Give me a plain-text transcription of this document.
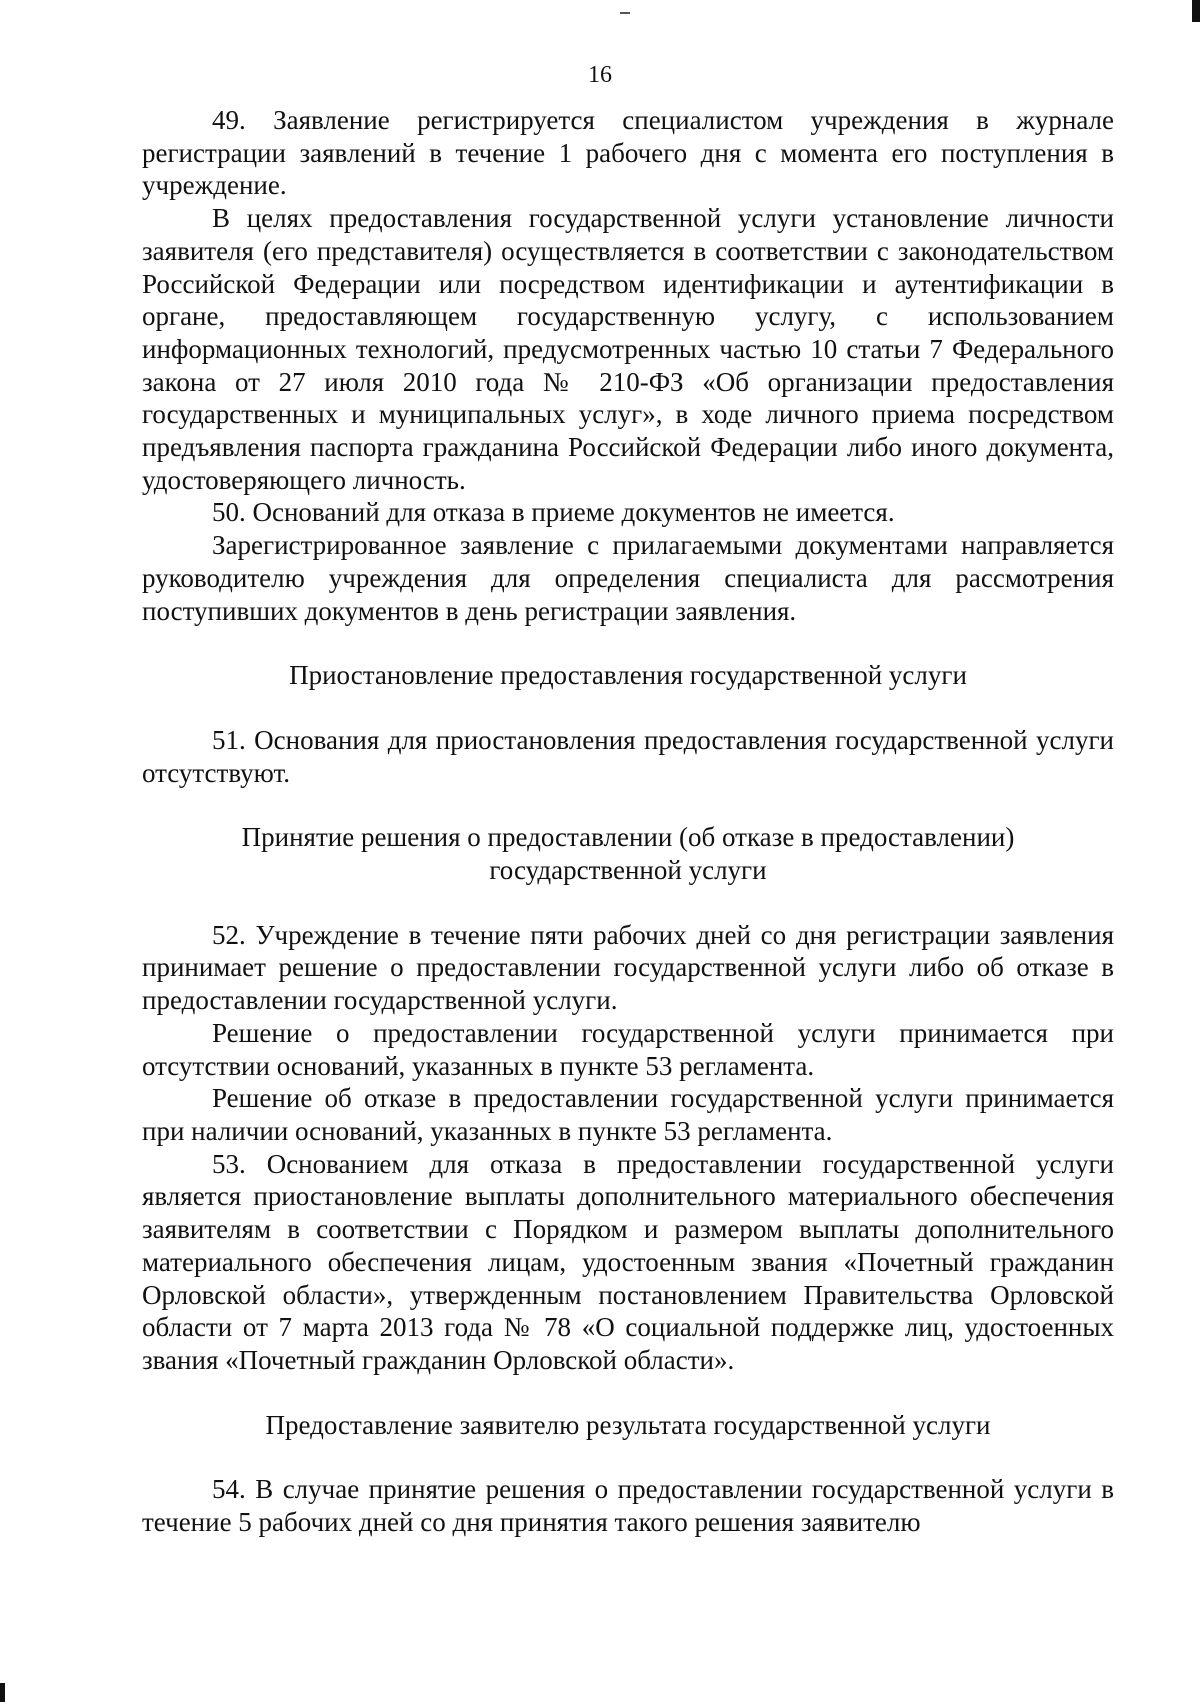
16

49. Заявление регистрируется специалистом учреждения в журнале регистрации заявлений в течение 1 рабочего дня с момента его поступления в учреждение.

В целях предоставления государственной услуги установление личности заявителя (его представителя) осуществляется в соответствии с законодательством Российской Федерации или посредством идентификации и аутентификации в органе, предоставляющем государственную услугу, с использованием информационных технологий, предусмотренных частью 10 статьи 7 Федерального закона от 27 июля 2010 года № 210-ФЗ «Об организации предоставления государственных и муниципальных услуг», в ходе личного приема посредством предъявления паспорта гражданина Российской Федерации либо иного документа, удостоверяющего личность.

50. Оснований для отказа в приеме документов не имеется.

Зарегистрированное заявление с прилагаемыми документами направляется руководителю учреждения для определения специалиста для рассмотрения поступивших документов в день регистрации заявления.

Приостановление предоставления государственной услуги

51. Основания для приостановления предоставления государственной услуги отсутствуют.

Принятие решения о предоставлении (об отказе в предоставлении)
государственной услуги

52. Учреждение в течение пяти рабочих дней со дня регистрации заявления принимает решение о предоставлении государственной услуги либо об отказе в предоставлении государственной услуги.

Решение о предоставлении государственной услуги принимается при отсутствии оснований, указанных в пункте 53 регламента.

Решение об отказе в предоставлении государственной услуги принимается при наличии оснований, указанных в пункте 53 регламента.

53. Основанием для отказа в предоставлении государственной услуги является приостановление выплаты дополнительного материального обеспечения заявителям в соответствии с Порядком и размером выплаты дополнительного материального обеспечения лицам, удостоенным звания «Почетный гражданин Орловской области», утвержденным постановлением Правительства Орловской области от 7 марта 2013 года № 78 «О социальной поддержке лиц, удостоенных звания «Почетный гражданин Орловской области».

Предоставление заявителю результата государственной услуги

54. В случае принятие решения о предоставлении государственной услуги в течение 5 рабочих дней со дня принятия такого решения заявителю
